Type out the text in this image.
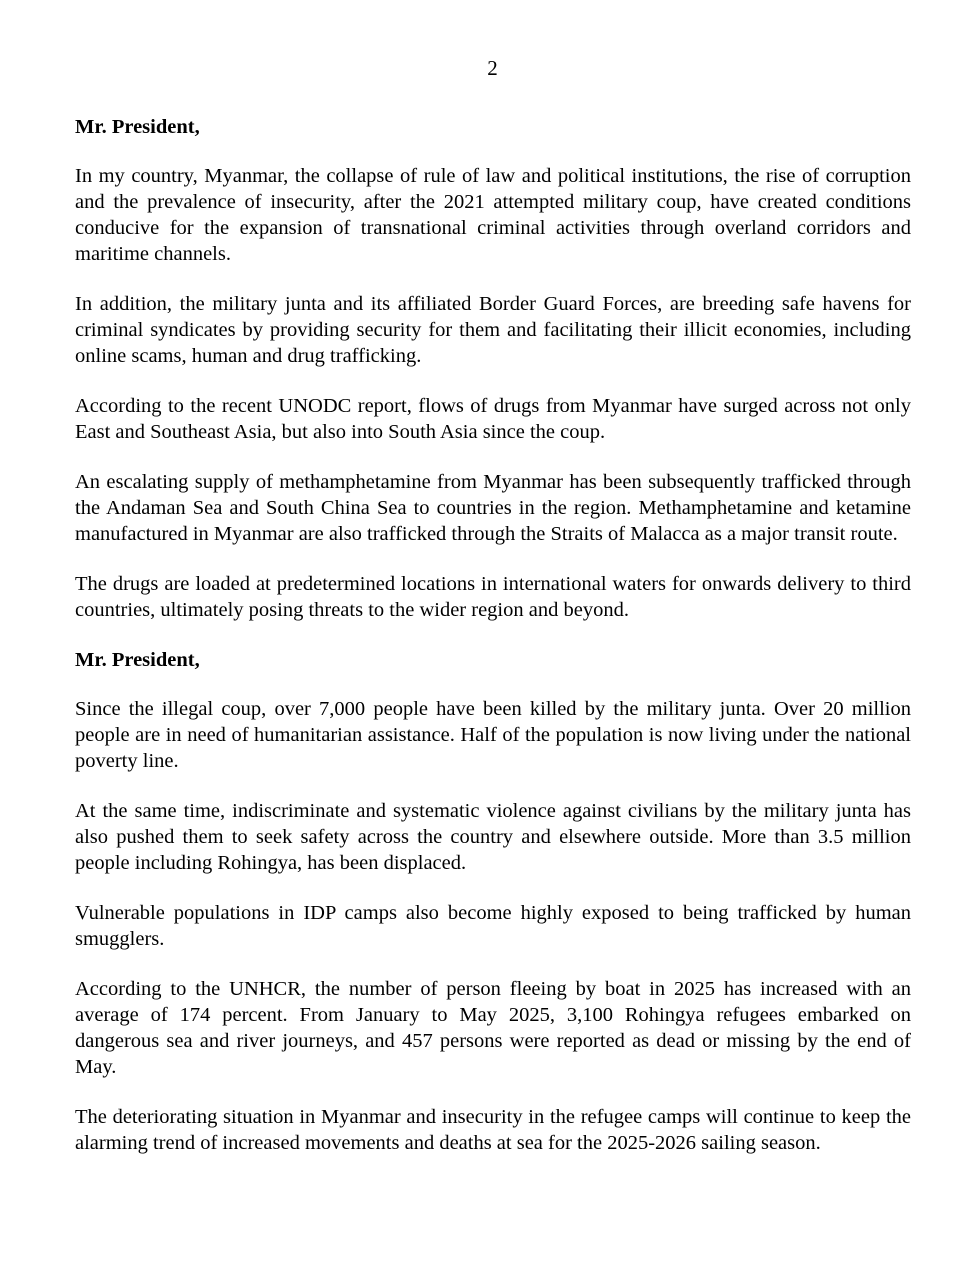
2
Mr. President,
In my country, Myanmar, the collapse of rule of law and political institutions, the rise of corruption and the prevalence of insecurity, after the 2021 attempted military coup, have created conditions conducive for the expansion of transnational criminal activities through overland corridors and maritime channels.
In addition, the military junta and its affiliated Border Guard Forces, are breeding safe havens for criminal syndicates by providing security for them and facilitating their illicit economies, including online scams, human and drug trafficking.
According to the recent UNODC report, flows of drugs from Myanmar have surged across not only East and Southeast Asia, but also into South Asia since the coup.
An escalating supply of methamphetamine from Myanmar has been subsequently trafficked through the Andaman Sea and South China Sea to countries in the region. Methamphetamine and ketamine manufactured in Myanmar are also trafficked through the Straits of Malacca as a major transit route.
The drugs are loaded at predetermined locations in international waters for onwards delivery to third countries, ultimately posing threats to the wider region and beyond.
Mr. President,
Since the illegal coup, over 7,000 people have been killed by the military junta. Over 20 million people are in need of humanitarian assistance. Half of the population is now living under the national poverty line.
At the same time, indiscriminate and systematic violence against civilians by the military junta has also pushed them to seek safety across the country and elsewhere outside. More than 3.5 million people including Rohingya, has been displaced.
Vulnerable populations in IDP camps also become highly exposed to being trafficked by human smugglers.
According to the UNHCR, the number of person fleeing by boat in 2025 has increased with an average of 174 percent. From January to May 2025, 3,100 Rohingya refugees embarked on dangerous sea and river journeys, and 457 persons were reported as dead or missing by the end of May.
The deteriorating situation in Myanmar and insecurity in the refugee camps will continue to keep the alarming trend of increased movements and deaths at sea for the 2025-2026 sailing season.
